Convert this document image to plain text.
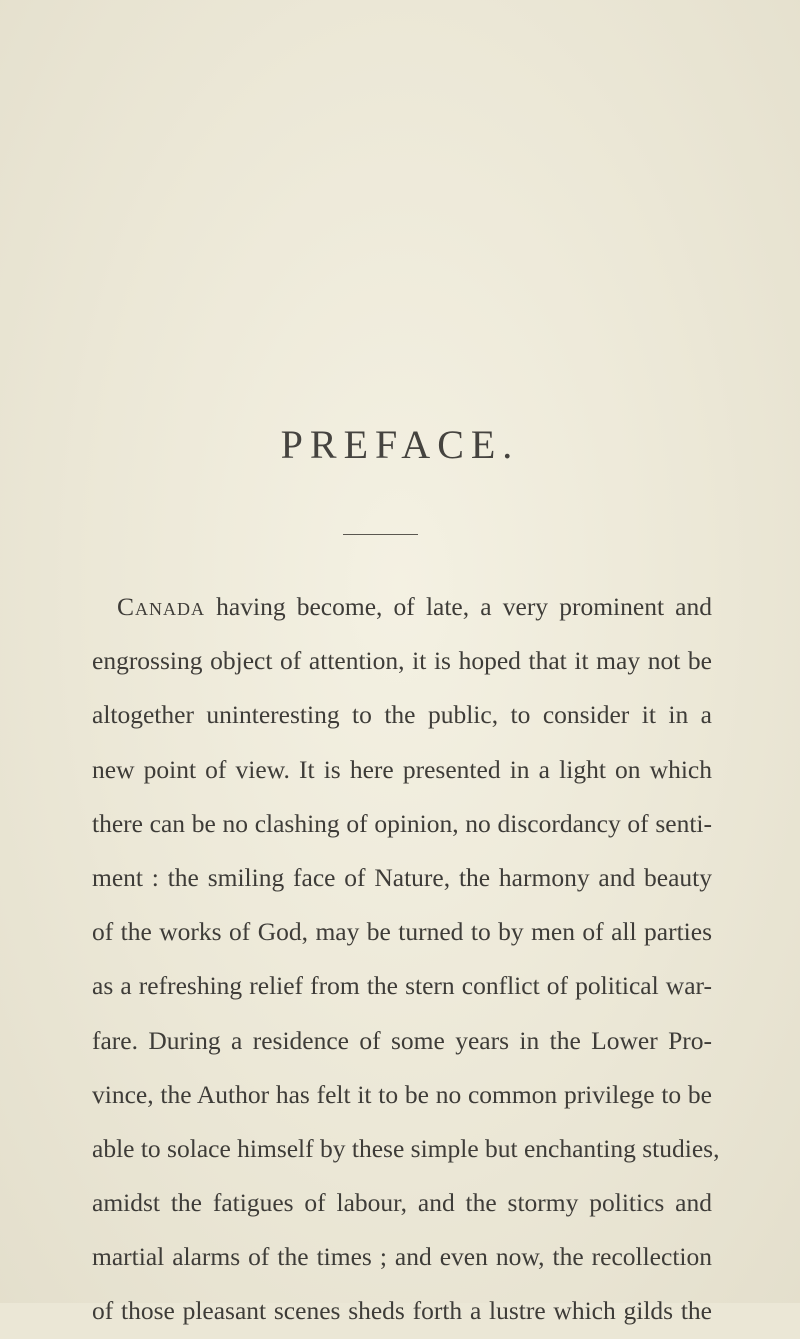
PREFACE.
Canada having become, of late, a very prominent and
engrossing object of attention, it is hoped that it may not be
altogether uninteresting to the public, to consider it in a
new point of view. It is here presented in a light on which
there can be no clashing of opinion, no discordancy of senti-
ment : the smiling face of Nature, the harmony and beauty
of the works of God, may be turned to by men of all parties
as a refreshing relief from the stern conflict of political war-
fare. During a residence of some years in the Lower Pro-
vince, the Author has felt it to be no common privilege to be
able to solace himself by these simple but enchanting studies,
amidst the fatigues of labour, and the stormy politics and
martial alarms of the times ; and even now, the recollection
of those pleasant scenes sheds forth a lustre which gilds the
